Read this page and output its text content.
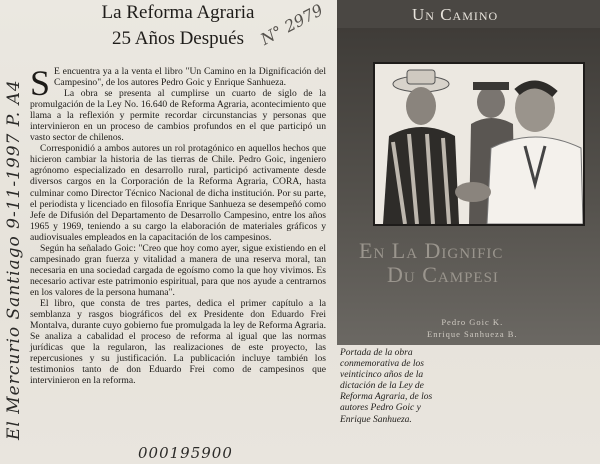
El Mercurio Santiago 9-11-1997 P. A4
N° 2979
La Reforma Agraria
25 Años Después

S E encuentra ya a la venta el libro "Un Camino en la Dignificación del Campesino", de los autores Pedro Goic y Enrique Sanhueza.

La obra se presenta al cumplirse un cuarto de siglo de la promulgación de la Ley No. 16.640 de Reforma Agraria, acontecimiento que llama a la reflexión y permite recordar circunstancias y personas que intervinieron en un proceso de cambios profundos en el que participó un vasto sector de chilenos.

Corresponidió a ambos autores un rol protagónico en aquellos hechos que hicieron cambiar la historia de las tierras de Chile. Pedro Goic, ingeniero agrónomo especializado en desarrollo rural, participó activamente desde diversos cargos en la Corporación de la Reforma Agraria, CORA, hasta culminar como Director Técnico Nacional de dicha institución. Por su parte, el periodista y licenciado en filosofía Enrique Sanhueza se desempeñó como Jefe de Difusión del Departamento de Desarrollo Campesino, entre los años 1965 y 1969, teniendo a su cargo la elaboración de materiales gráficos y audiovisuales empleados en la capacitación de los campesinos.

Según ha señalado Goic: "Creo que hoy como ayer, sigue existiendo en el campesinado gran fuerza y vitalidad a manera de una reserva moral, tan necesaria en una sociedad cargada de egoísmo como la que hoy vivimos. Es necesario activar este patrimonio espiritual, para que nos ayude a centrarnos en los valores de la persona humana".

El libro, que consta de tres partes, dedica el primer capítulo a la semblanza y rasgos biográficos del ex Presidente don Eduardo Frei Montalva, durante cuyo gobierno fue promulgada la ley de Reforma Agraria. Se analiza a cabalidad el proceso de reforma al igual que las normas jurídicas que la regularon, las realizaciones de este proyecto, las repercusiones y su justificación. La publicación incluye también los testimonios tanto de don Eduardo Frei como de campesinos que intervinieron en la reforma.

000195900
Un Camino
En La Dignific
Du Campesi
Pedro Goic K.
Enrique Sanhueza B.
Portada de la obra conmemorativa de los veinticinco años de la dictación de la Ley de Reforma Agraria, de los autores Pedro Goic y Enrique Sanhueza.
